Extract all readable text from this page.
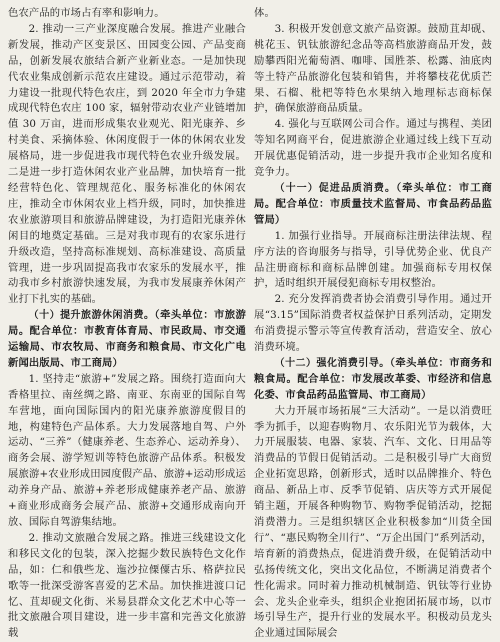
色农产品的市场占有率和影响力。

2. 推动一三产业深度融合发展。推进产业融合新发展，推动产区变景区、田园变公园、产品变商品，创新发展农旅结合新产业新业态。一是加快现代农业集成创新示范农庄建设。通过示范带动，着力建设一批现代特色农庄，到 2020 年全市力争建成现代特色农庄 100 家，辐射带动农业产业链增加值 30 万亩，进而形成集农业观光、阳光康养、乡村美食、采摘体验、休闲度假于一体的休闲农业发展格局，进一步促进我市现代特色农业升级发展。二是进一步打造休闲农业产业品牌，加快培育一批经营特色化、管理规范化、服务标准化的休闲农庄，推动全市休闲农业上档升级，同时，加快推进农业旅游项目和旅游品牌建设，为打造阳光康养休闲目的地奠定基础。三是对我市现有的农家乐进行升级改造，坚持高标准规划、高标准建设、高质量管理，进一步巩固提高我市农家乐的发展水平，推动我市乡村旅游快速发展，为我市发展康养休闲产业打下扎实的基础。

（十）提升旅游休闲消费。（牵头单位：市旅游局。配合单位：市教育体育局、市民政局、市交通运输局、市农牧局、市商务和粮食局、市文化广电新闻出版局、市工商局）

1. 坚持走“旅游+”发展之路。围绕打造面向大香格里拉、南丝绸之路、南亚、东南亚的国际自驾车营地，面向国际国内的阳光康养旅游度假目的地，构建特色产品体系。大力发展落地自驾、户外运动、“三养”（健康养老、生态养心、运动养身）、商务会展、游学短训等特色旅游产品体系。积极发展旅游+农业形成田园度假产品、旅游+运动形成运动养身产品、旅游+养老形成健康养老产品、旅游+商业形成商务会展产品、旅游+交通形成南向开放、国际自驾游集结地。

2. 推动文旅融合发展之路。推进三线建设文化和移民文化的包装，深入挖掘少数民族特色文化作品，如：仁和俄些龙、迤沙拉傈僳古乐、格萨拉民歌等一批深受游客喜爱的艺术品。加快推进渡口记忆、苴却砚文化街、米易县群众文化艺术中心等一批文旅融合项目建设，进一步丰富和完善文化旅游载

体。

3. 积极开发创意文旅产品资源。鼓励苴却砚、桃花玉、钒钛旅游纪念品等高档旅游商品开发，鼓励攀西阳光葡萄酒、咖啡、国胜茶、松露、油底肉等土特产品旅游化包装和销售，并将攀枝花优质芒果、石榴、枇杷等特色水果纳入地理标志商标保护，确保旅游商品质量。

4. 强化与互联网公司合作。通过与携程、美团等知名网商平台，促进旅游企业通过线上线下互动开展优惠促销活动，进一步提升我市企业知名度和竞争力。

（十一）促进品质消费。（牵头单位：市工商局。配合单位：市质量技术监督局、市食品药品监管局）

1. 加强行业指导。开展商标注册法律法规、程序方法的咨询服务与指导，引导优势企业、优良产品注册商标和商标品牌创建。加强商标专用权保护，适时组织开展侵犯商标专用权整治。

2. 充分发挥消费者协会消费引导作用。通过开展“3.15”国际消费者权益保护日系列活动，定期发布消费提示警示等宣传教育活动，营造安全、放心消费环境。

（十二）强化消费引导。（牵头单位：市商务和粮食局。配合单位：市发展改革委、市经济和信息化委、市食品药品监管局、市工商局）

大力开展市场拓展“三大活动”。一是以消费旺季为抓手，以迎春购物月、农乐阳光节为载体，大力开展服装、电器、家装、汽车、文化、日用品等消费品的节假日促销活动。二是积极引导广大商贸企业拓宽思路，创新形式，适时以品牌推介、特色商品、新品上市、反季节促销、店庆等方式开展促销主题，开展各种购物节、购物季促销活动，挖掘消费潜力。三是组织辖区企业积极参加“川货全国行”、“惠民购物全川行”、“万企出国门”系列活动，培育新的消费热点，促进消费升级，在促销活动中弘扬传统文化，突出文化品位，不断满足消费者个性化需求。同时着力推动机械制造、钒钛等行业协会、龙头企业牵头，组织企业抱团拓展市场，以市场引导生产，提升行业的发展水平。积极动员龙头企业通过国际展会
